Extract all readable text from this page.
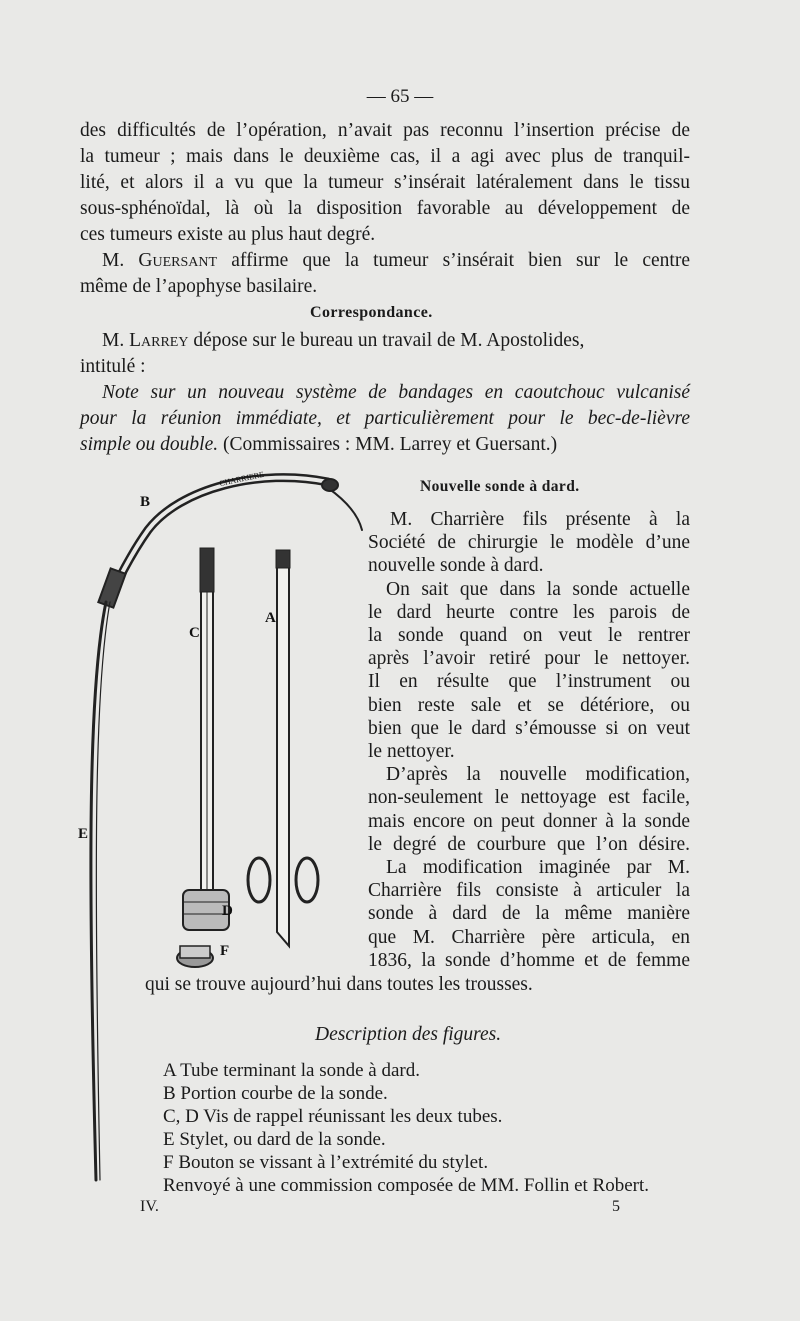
— 65 —
des difficultés de l’opération, n’avait pas reconnu l’insertion précise de
la tumeur ; mais dans le deuxième cas, il a agi avec plus de tranquil-
lité, et alors il a vu que la tumeur s’insérait latéralement dans le tissu
sous-sphénoïdal, là où la disposition favorable au développement de
ces tumeurs existe au plus haut degré.
M. Guersant affirme que la tumeur s’insérait bien sur le centre
même de l’apophyse basilaire.
Correspondance.
M. Larrey dépose sur le bureau un travail de M. Apostolides,
intitulé :
Note sur un nouveau système de bandages en caoutchouc vulcanisé
pour la réunion immédiate, et particulièrement pour le bec-de-lièvre
simple ou double. (Commissaires : MM. Larrey et Guersant.)
Nouvelle sonde à dard.

M. Charrière fils présente à la
Société de chirurgie le modèle d’une
nouvelle sonde à dard.

On sait que dans la sonde actuelle
le dard heurte contre les parois de
la sonde quand on veut le rentrer
après l’avoir retiré pour le nettoyer.
Il en résulte que l’instrument ou
bien reste sale et se détériore, ou
bien que le dard s’émousse si on veut
le nettoyer.

D’après la nouvelle modification,
non-seulement le nettoyage est facile,
mais encore on peut donner à la sonde
le degré de courbure que l’on désire.

La modification imaginée par M.
Charrière fils consiste à articuler la
sonde à dard de la même manière
que M. Charrière père articula, en
1836, la sonde d’homme et de femme

qui se trouve aujourd’hui dans toutes les trousses.
Description des figures.
A Tube terminant la sonde à dard.
B Portion courbe de la sonde.
C, D Vis de rappel réunissant les deux tubes.
E Stylet, ou dard de la sonde.
F Bouton se vissant à l’extrémité du stylet.
Renvoyé à une commission composée de MM. Follin et Robert.
IV.	5
B
C
A
E
D
F
CHARRIERE
